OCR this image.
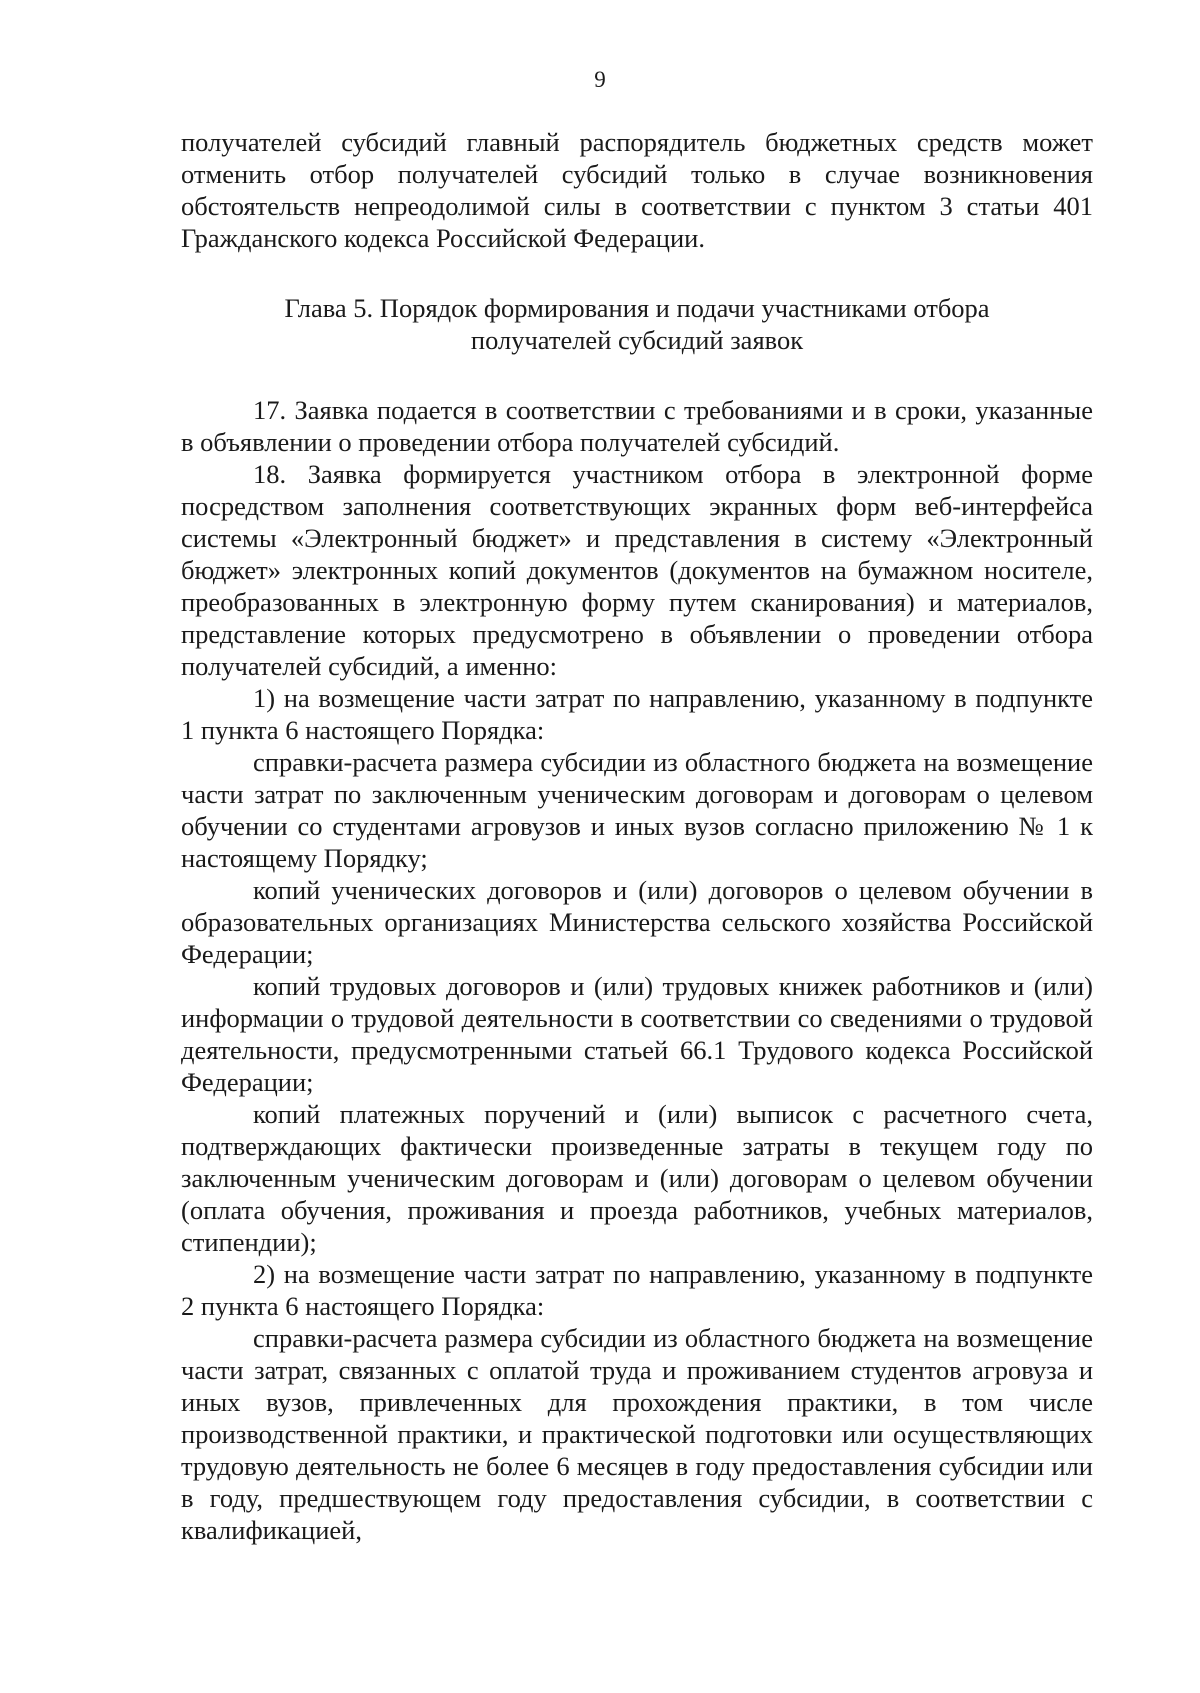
9

получателей субсидий главный распорядитель бюджетных средств может отменить отбор получателей субсидий только в случае возникновения обстоятельств непреодолимой силы в соответствии с пунктом 3 статьи 401 Гражданского кодекса Российской Федерации.

Глава 5. Порядок формирования и подачи участниками отбора
получателей субсидий заявок

17. Заявка подается в соответствии с требованиями и в сроки, указанные в объявлении о проведении отбора получателей субсидий.

18. Заявка формируется участником отбора в электронной форме посредством заполнения соответствующих экранных форм веб-интерфейса системы «Электронный бюджет» и представления в систему «Электронный бюджет» электронных копий документов (документов на бумажном носителе, преобразованных в электронную форму путем сканирования) и материалов, представление которых предусмотрено в объявлении о проведении отбора получателей субсидий, а именно:

1) на возмещение части затрат по направлению, указанному в подпункте 1 пункта 6 настоящего Порядка:

справки-расчета размера субсидии из областного бюджета на возмещение части затрат по заключенным ученическим договорам и договорам о целевом обучении со студентами агровузов и иных вузов согласно приложению № 1 к настоящему Порядку;

копий ученических договоров и (или) договоров о целевом обучении в образовательных организациях Министерства сельского хозяйства Российской Федерации;

копий трудовых договоров и (или) трудовых книжек работников и (или) информации о трудовой деятельности в соответствии со сведениями о трудовой деятельности, предусмотренными статьей 66.1 Трудового кодекса Российской Федерации;

копий платежных поручений и (или) выписок с расчетного счета, подтверждающих фактически произведенные затраты в текущем году по заключенным ученическим договорам и (или) договорам о целевом обучении (оплата обучения, проживания и проезда работников, учебных материалов, стипендии);

2) на возмещение части затрат по направлению, указанному в подпункте 2 пункта 6 настоящего Порядка:

справки-расчета размера субсидии из областного бюджета на возмещение части затрат, связанных с оплатой труда и проживанием студентов агровуза и иных вузов, привлеченных для прохождения практики, в том числе производственной практики, и практической подготовки или осуществляющих трудовую деятельность не более 6 месяцев в году предоставления субсидии или в году, предшествующем году предоставления субсидии, в соответствии с квалификацией,
